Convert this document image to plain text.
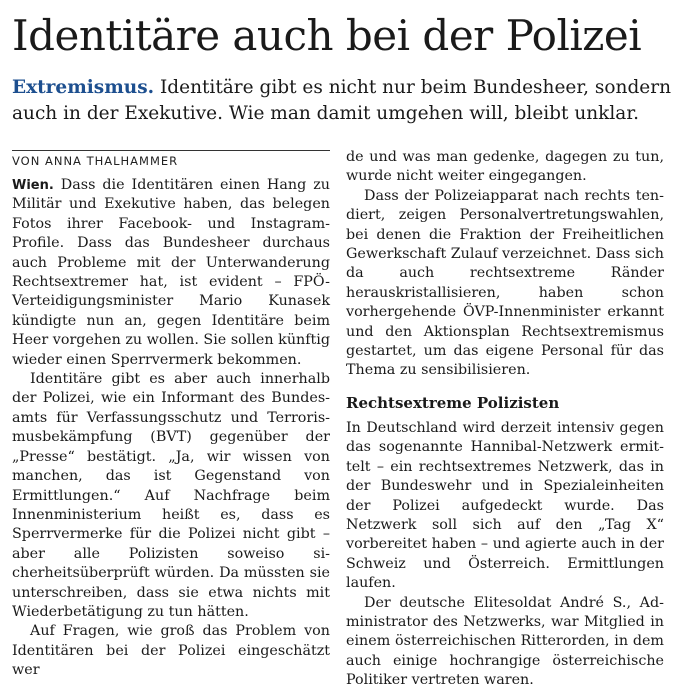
Identitäre auch bei der Polizei
Extremismus. Identitäre gibt es nicht nur beim Bundesheer, sondern auch in der Exekutive. Wie man damit umgehen will, bleibt unklar.
VON ANNA THALHAMMER

Wien. Dass die Identitären einen Hang zu Militär und Exekutive haben, das belegen Fotos ihrer Facebook- und Instagram-Profile. Dass das Bundesheer durchaus auch Probleme mit der Unterwanderung Rechtsextremer hat, ist evident – FPÖ-Verteidigungsminister Mario Kunasek kündigte nun an, gegen Identitäre beim Heer vorgehen zu wollen. Sie sollen künftig wieder einen Sperrvermerk bekommen.

Identitäre gibt es aber auch innerhalb der Polizei, wie ein Informant des Bundesamts für Verfassungsschutz und Terrorismusbekämpfung (BVT) gegenüber der „Presse“ bestätigt. „Ja, wir wissen von manchen, das ist Gegenstand von Ermittlungen.“ Auf Nachfrage beim Innenministerium heißt es, dass es Sperrvermerke für die Polizei nicht gibt – aber alle Polizisten soweiso sicherheitsüberprüft würden. Da müssten sie unterschreiben, dass sie etwa nichts mit Wiederbetätigung zu tun hätten.

Auf Fragen, wie groß das Problem von Identitären bei der Polizei eingeschätzt wer

de und was man gedenke, dagegen zu tun, wurde nicht weiter eingegangen.

Dass der Polizeiapparat nach rechts tendiert, zeigen Personalvertretungswahlen, bei denen die Fraktion der Freiheitlichen Gewerkschaft Zulauf verzeichnet. Dass sich da auch rechtsextreme Ränder herauskristallisieren, haben schon vorhergehende ÖVP-Innenminister erkannt und den Aktionsplan Rechtsextremismus gestartet, um das eigene Personal für das Thema zu sensibilisieren.

Rechtsextreme Polizisten

In Deutschland wird derzeit intensiv gegen das sogenannte Hannibal-Netzwerk ermittelt – ein rechtsextremes Netzwerk, das in der Bundeswehr und in Spezialeinheiten der Polizei aufgedeckt wurde. Das Netzwerk soll sich auf den „Tag X“ vorbereitet haben – und agierte auch in der Schweiz und Österreich. Ermittlungen laufen.

Der deutsche Elitesoldat André S., Administrator des Netzwerks, war Mitglied in einem österreichischen Ritterorden, in dem auch einige hochrangige österreichische Politiker vertreten waren.
